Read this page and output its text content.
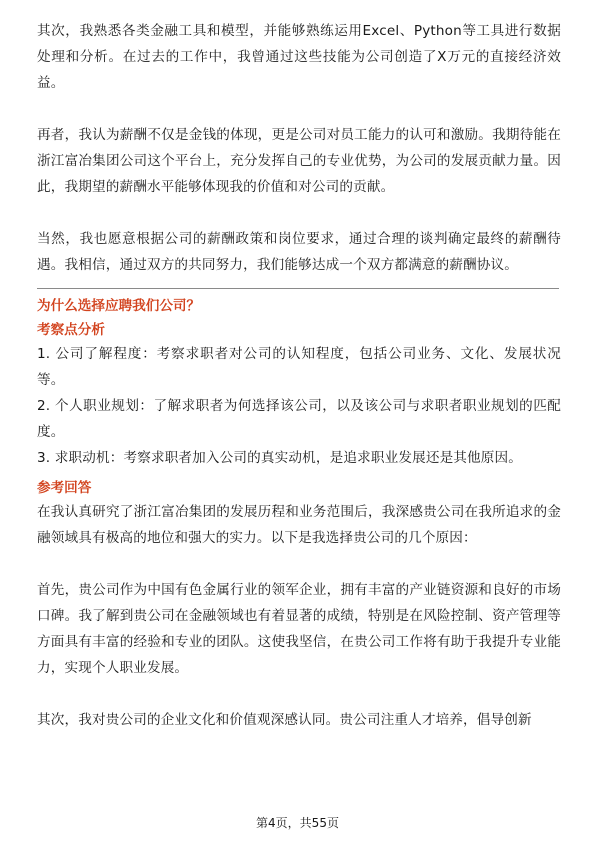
其次，我熟悉各类金融工具和模型，并能够熟练运用Excel、Python等工具进行数据处理和分析。在过去的工作中，我曾通过这些技能为公司创造了X万元的直接经济效益。

再者，我认为薪酬不仅是金钱的体现，更是公司对员工能力的认可和激励。我期待能在浙江富冶集团公司这个平台上，充分发挥自己的专业优势，为公司的发展贡献力量。因此，我期望的薪酬水平能够体现我的价值和对公司的贡献。

当然，我也愿意根据公司的薪酬政策和岗位要求，通过合理的谈判确定最终的薪酬待遇。我相信，通过双方的共同努力，我们能够达成一个双方都满意的薪酬协议。

为什么选择应聘我们公司？

考察点分析

1. 公司了解程度：考察求职者对公司的认知程度，包括公司业务、文化、发展状况等。

2. 个人职业规划：了解求职者为何选择该公司，以及该公司与求职者职业规划的匹配度。

3. 求职动机：考察求职者加入公司的真实动机，是追求职业发展还是其他原因。

参考回答

在我认真研究了浙江富冶集团的发展历程和业务范围后，我深感贵公司在我所追求的金融领域具有极高的地位和强大的实力。以下是我选择贵公司的几个原因：

首先，贵公司作为中国有色金属行业的领军企业，拥有丰富的产业链资源和良好的市场口碑。我了解到贵公司在金融领域也有着显著的成绩，特别是在风险控制、资产管理等方面具有丰富的经验和专业的团队。这使我坚信，在贵公司工作将有助于我提升专业能力，实现个人职业发展。

其次，我对贵公司的企业文化和价值观深感认同。贵公司注重人才培养，倡导创新

第4页，共55页
